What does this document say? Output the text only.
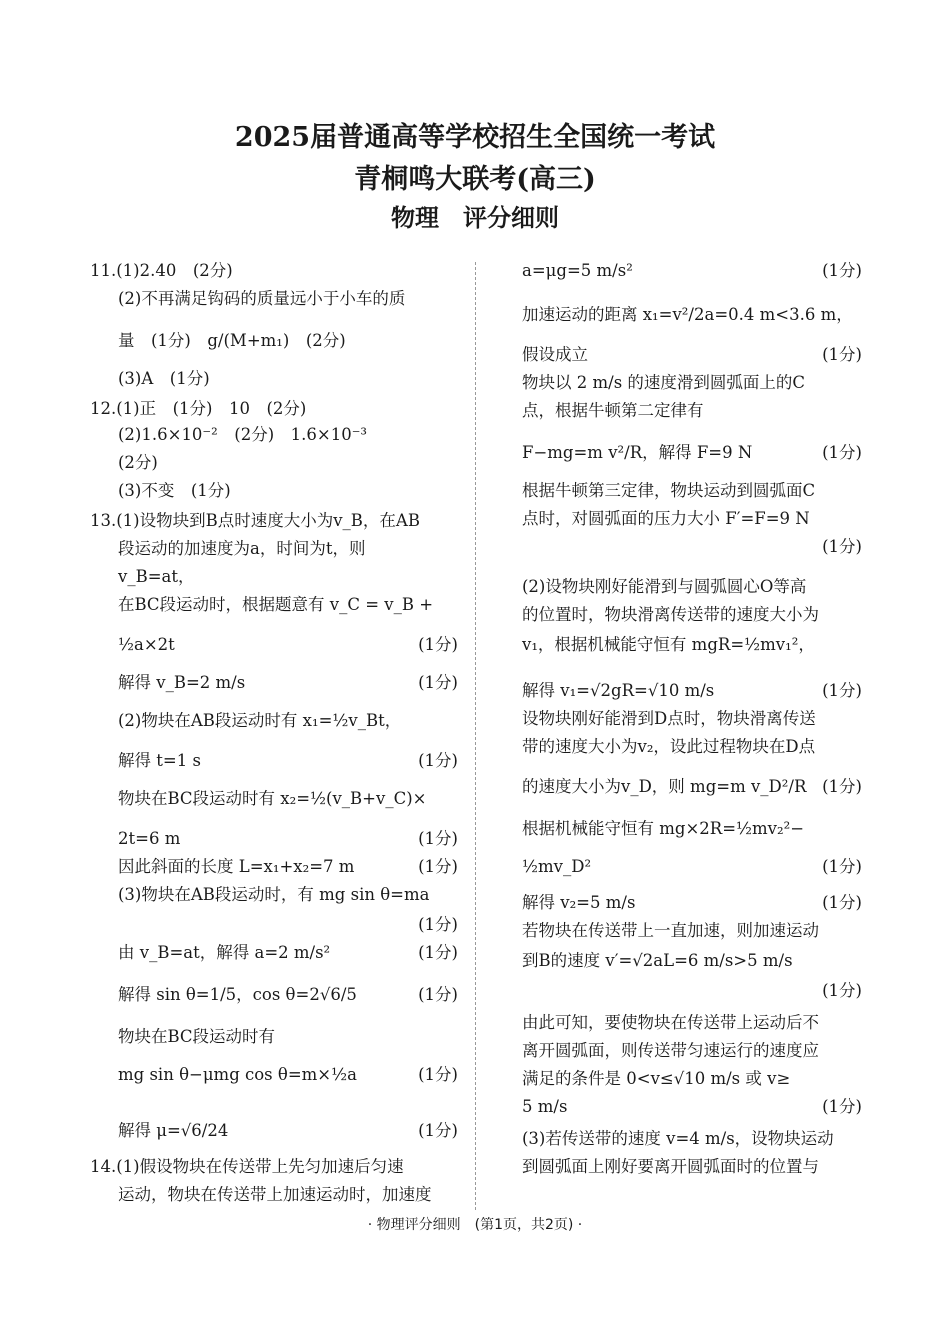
2025届普通高等学校招生全国统一考试
青桐鸣大联考(高三)
物理　评分细则
11.(1)2.40　(2分)
(2)不再满足钩码的质量远小于小车的质
量　(1分)　g/(M+m₁)　(2分)
(3)A　(1分)
12.(1)正　(1分)　10　(2分)
(2)1.6×10⁻²　(2分)　1.6×10⁻³
(2分)
(3)不变　(1分)
13.(1)设物块到B点时速度大小为v_B，在AB
段运动的加速度为a，时间为t，则
v_B=at，
在BC段运动时，根据题意有 v_C = v_B +
½a×2t	(1分)
解得 v_B=2 m/s	(1分)
(2)物块在AB段运动时有 x₁=½v_Bt，
解得 t=1 s	(1分)
物块在BC段运动时有 x₂=½(v_B+v_C)×
2t=6 m	(1分)
因此斜面的长度 L=x₁+x₂=7 m	(1分)
(3)物块在AB段运动时，有 mg sin θ=ma
(1分)
由 v_B=at，解得 a=2 m/s²	(1分)
解得 sin θ=1/5，cos θ=2√6/5	(1分)
物块在BC段运动时有
mg sin θ−μmg cos θ=m×½a	(1分)
解得 μ=√6/24	(1分)
14.(1)假设物块在传送带上先匀加速后匀速
运动，物块在传送带上加速运动时，加速度
a=μg=5 m/s²	(1分)
加速运动的距离 x₁=v²/2a=0.4 m<3.6 m，
假设成立	(1分)
物块以 2 m/s 的速度滑到圆弧面上的C
点，根据牛顿第二定律有
F−mg=m v²/R，解得 F=9 N	(1分)
根据牛顿第三定律，物块运动到圆弧面C
点时，对圆弧面的压力大小 F′=F=9 N
(1分)
(2)设物块刚好能滑到与圆弧圆心O等高
的位置时，物块滑离传送带的速度大小为
v₁，根据机械能守恒有 mgR=½mv₁²，
解得 v₁=√2gR=√10 m/s	(1分)
设物块刚好能滑到D点时，物块滑离传送
带的速度大小为v₂，设此过程物块在D点
的速度大小为v_D，则 mg=m v_D²/R (1分)
根据机械能守恒有 mg×2R=½mv₂²−
½mv_D²	(1分)
解得 v₂=5 m/s	(1分)
若物块在传送带上一直加速，则加速运动
到B的速度 v′=√2aL=6 m/s>5 m/s
(1分)
由此可知，要使物块在传送带上运动后不
离开圆弧面，则传送带匀速运行的速度应
满足的条件是 0<v≤√10 m/s 或 v≥
5 m/s	(1分)
(3)若传送带的速度 v=4 m/s，设物块运动
到圆弧面上刚好要离开圆弧面时的位置与
· 物理评分细则　(第1页，共2页) ·
